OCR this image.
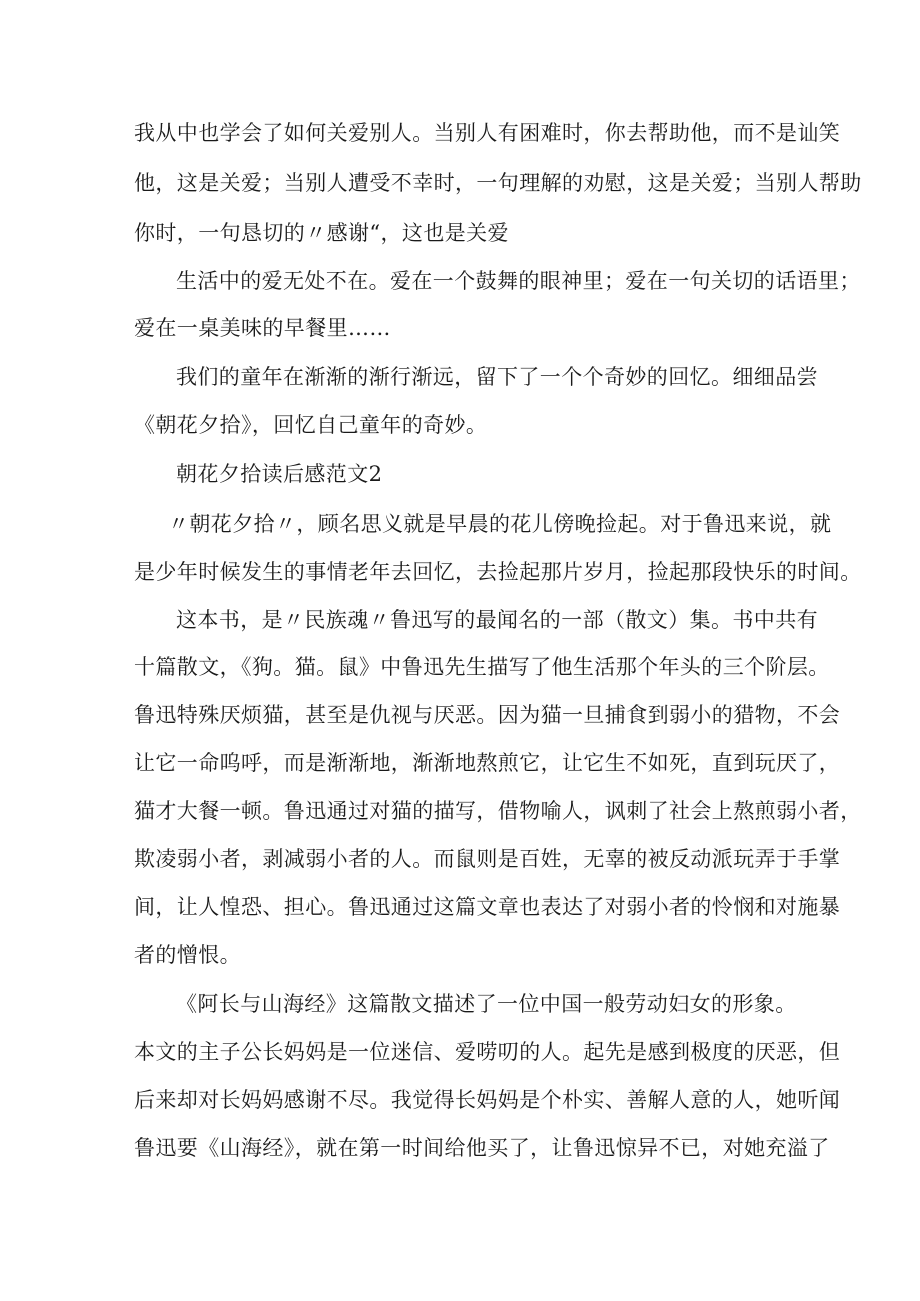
我从中也学会了如何关爱别人。当别人有困难时，你去帮助他，而不是讪笑
他，这是关爱；当别人遭受不幸时，一句理解的劝慰，这是关爱；当别人帮助
你时，一句恳切的〃感谢“，这也是关爱
生活中的爱无处不在。爱在一个鼓舞的眼神里；爱在一句关切的话语里；
爱在一桌美味的早餐里……
我们的童年在渐渐的渐行渐远，留下了一个个奇妙的回忆。细细品尝
《朝花夕拾》，回忆自己童年的奇妙。
朝花夕拾读后感范文2
〃朝花夕拾〃，顾名思义就是早晨的花儿傍晚捡起。对于鲁迅来说，就
是少年时候发生的事情老年去回忆，去捡起那片岁月，捡起那段快乐的时间。
这本书，是〃民族魂〃鲁迅写的最闻名的一部（散文）集。书中共有
十篇散文，《狗。猫。鼠》中鲁迅先生描写了他生活那个年头的三个阶层。
鲁迅特殊厌烦猫，甚至是仇视与厌恶。因为猫一旦捕食到弱小的猎物，不会
让它一命呜呼，而是渐渐地，渐渐地熬煎它，让它生不如死，直到玩厌了，
猫才大餐一顿。鲁迅通过对猫的描写，借物喻人，讽刺了社会上熬煎弱小者，
欺凌弱小者，剥减弱小者的人。而鼠则是百姓，无辜的被反动派玩弄于手掌
间，让人惶恐、担心。鲁迅通过这篇文章也表达了对弱小者的怜悯和对施暴
者的憎恨。
《阿长与山海经》这篇散文描述了一位中国一般劳动妇女的形象。
本文的主子公长妈妈是一位迷信、爱唠叨的人。起先是感到极度的厌恶，但
后来却对长妈妈感谢不尽。我觉得长妈妈是个朴实、善解人意的人，她听闻
鲁迅要《山海经》，就在第一时间给他买了，让鲁迅惊异不已，对她充溢了
